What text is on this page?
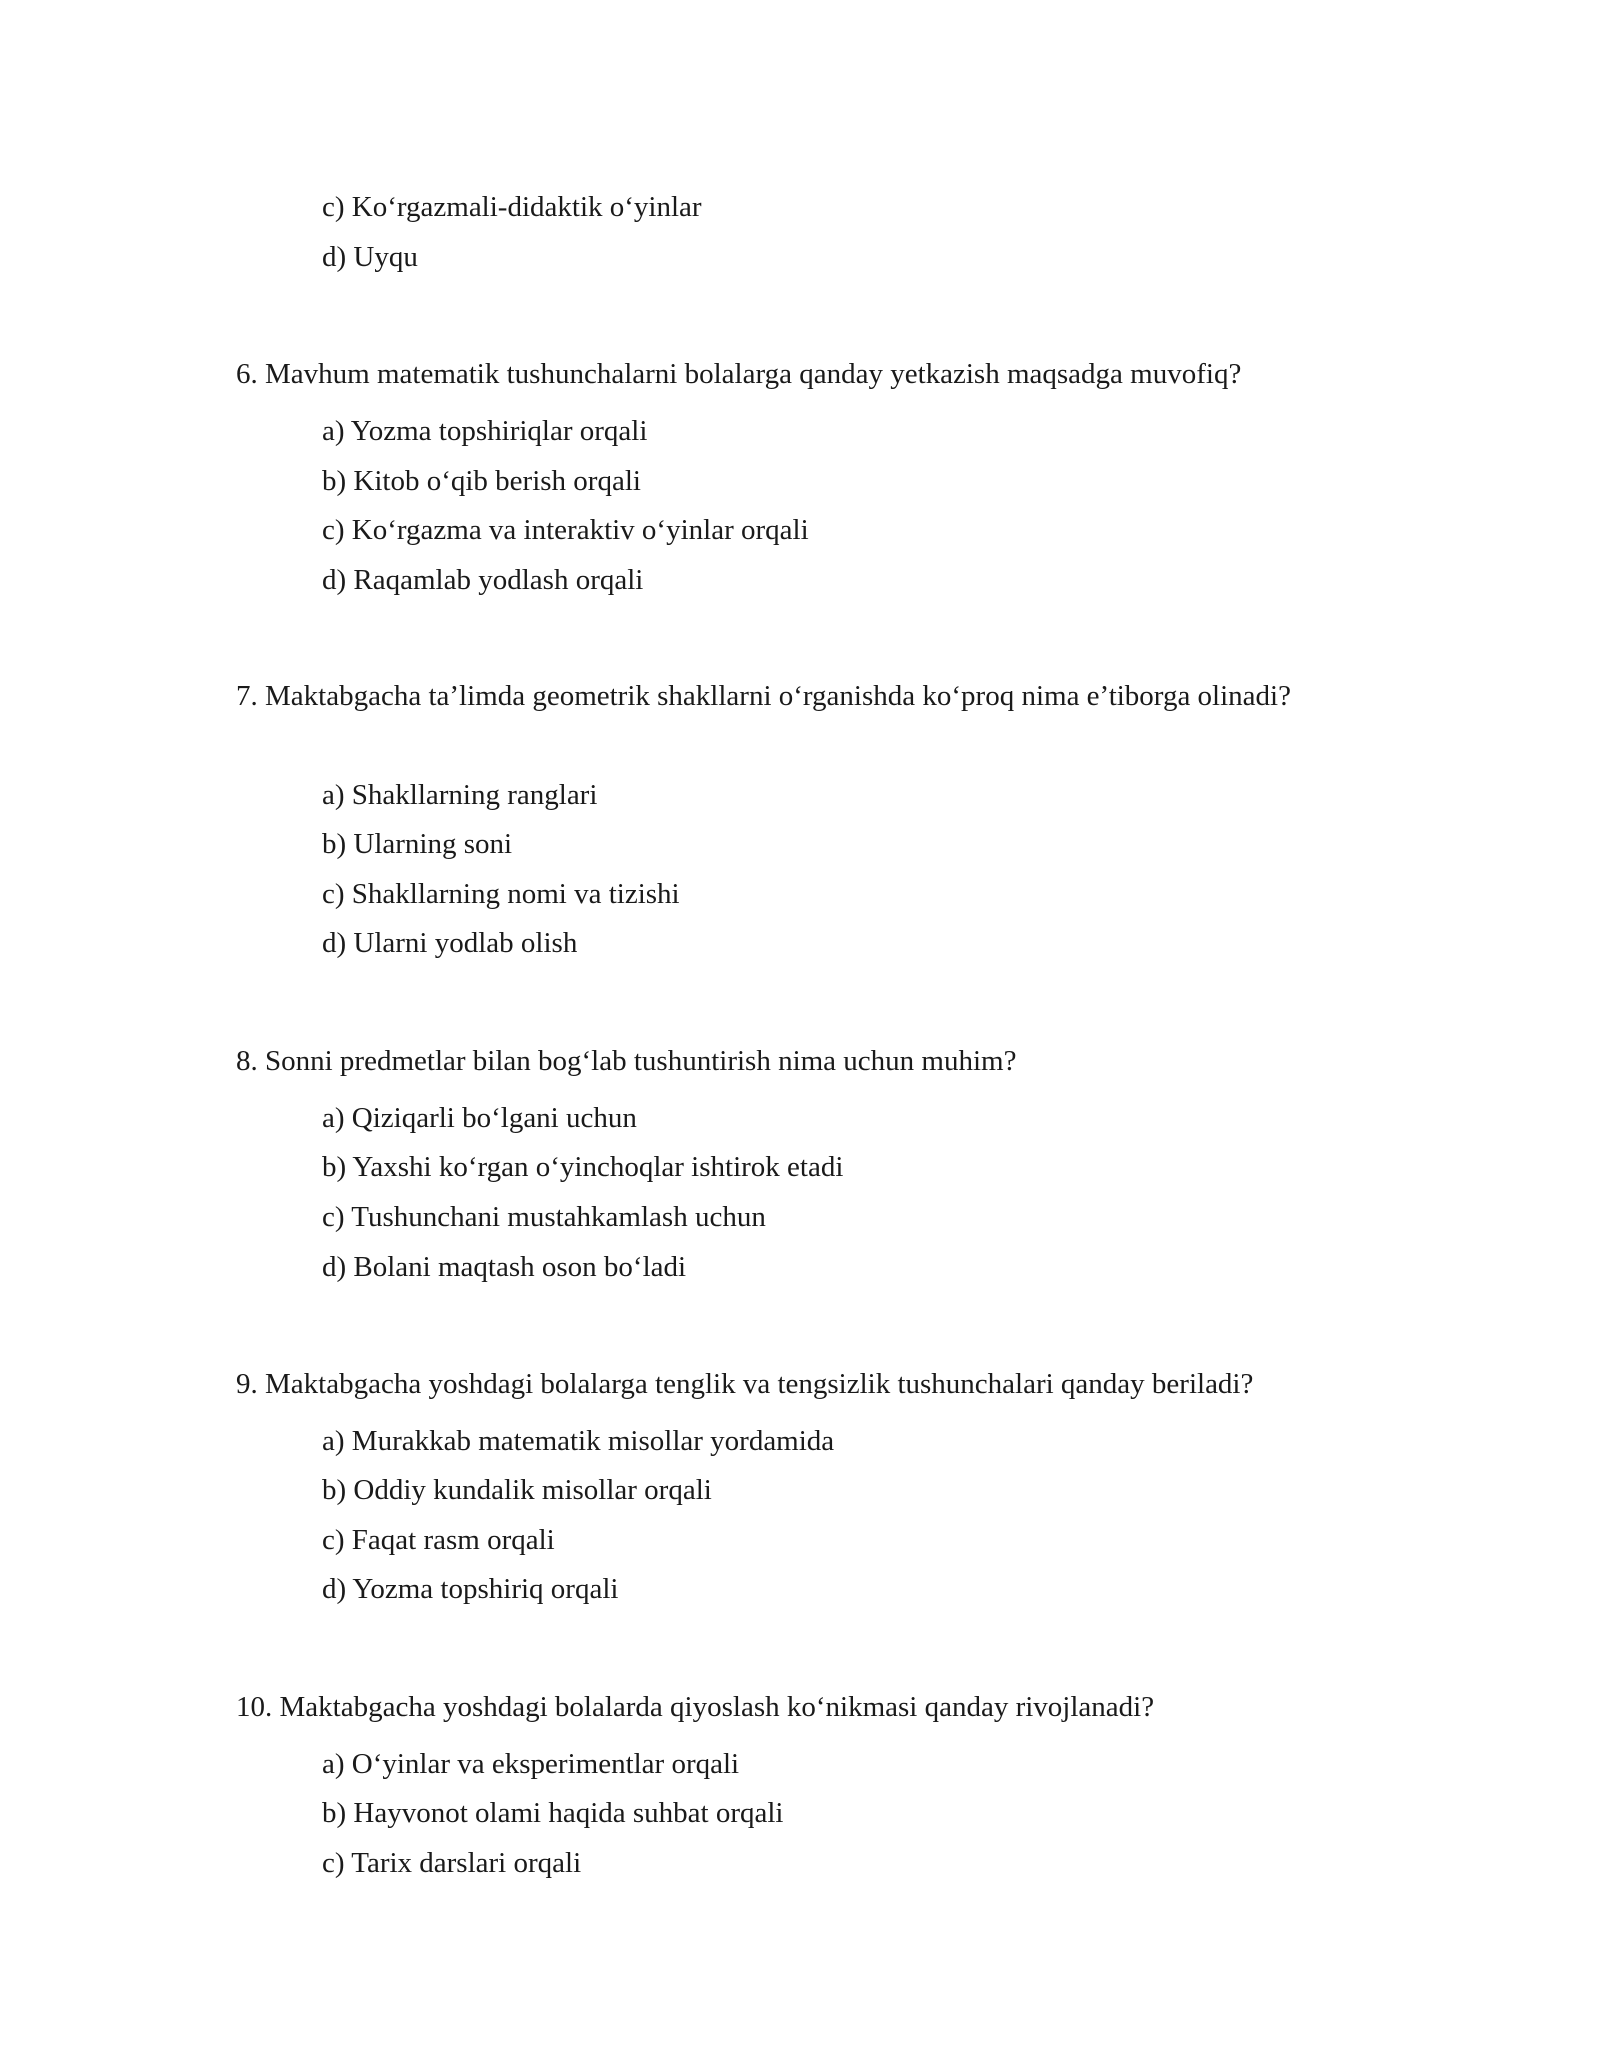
c) Koʻrgazmali-didaktik oʻyinlar

d) Uyqu

6. Mavhum matematik tushunchalarni bolalarga qanday yetkazish maqsadga muvofiq?

a) Yozma topshiriqlar orqali

b) Kitob oʻqib berish orqali

c) Koʻrgazma va interaktiv oʻyinlar orqali

d) Raqamlab yodlash orqali

7. Maktabgacha ta’limda geometrik shakllarni oʻrganishda koʻproq nima e’tiborga olinadi?

a) Shakllarning ranglari

b) Ularning soni

c) Shakllarning nomi va tizishi

d) Ularni yodlab olish

8. Sonni predmetlar bilan bogʻlab tushuntirish nima uchun muhim?

a) Qiziqarli boʻlgani uchun

b) Yaxshi koʻrgan oʻyinchoqlar ishtirok etadi

c) Tushunchani mustahkamlash uchun

d) Bolani maqtash oson boʻladi

9. Maktabgacha yoshdagi bolalarga tenglik va tengsizlik tushunchalari qanday beriladi?

a) Murakkab matematik misollar yordamida

b) Oddiy kundalik misollar orqali

c) Faqat rasm orqali

d) Yozma topshiriq orqali

10. Maktabgacha yoshdagi bolalarda qiyoslash koʻnikmasi qanday rivojlanadi?

a) Oʻyinlar va eksperimentlar orqali

b) Hayvonot olami haqida suhbat orqali

c) Tarix darslari orqali
